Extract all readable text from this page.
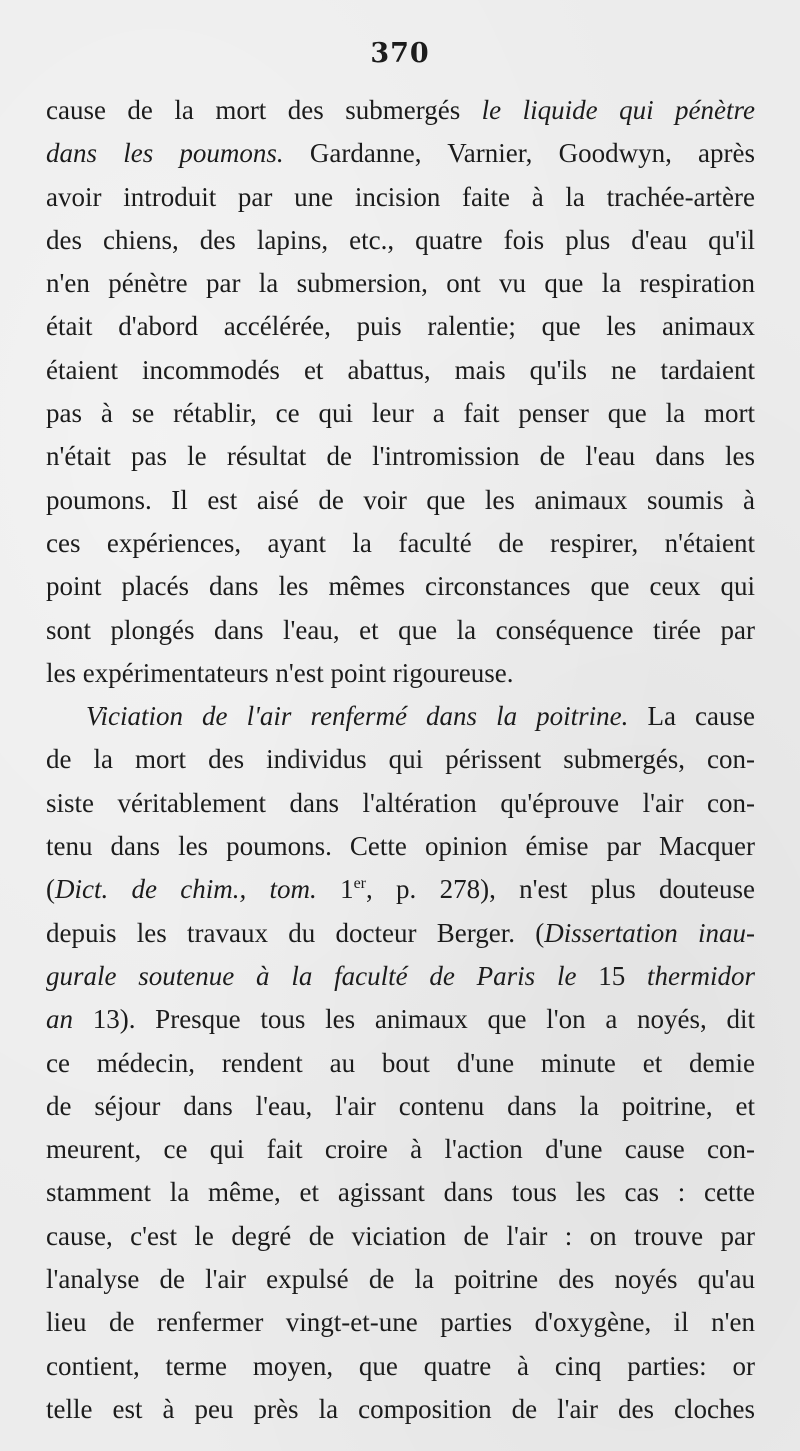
370
cause de la mort des submergés le liquide qui pénètre
dans les poumons. Gardanne, Varnier, Goodwyn, après
avoir introduit par une incision faite à la trachée-artère
des chiens, des lapins, etc., quatre fois plus d'eau qu'il
n'en pénètre par la submersion, ont vu que la respiration
était d'abord accélérée, puis ralentie; que les animaux
étaient incommodés et abattus, mais qu'ils ne tardaient
pas à se rétablir, ce qui leur a fait penser que la mort
n'était pas le résultat de l'intromission de l'eau dans les
poumons. Il est aisé de voir que les animaux soumis à
ces expériences, ayant la faculté de respirer, n'étaient
point placés dans les mêmes circonstances que ceux qui
sont plongés dans l'eau, et que la conséquence tirée par
les expérimentateurs n'est point rigoureuse.
Viciation de l'air renfermé dans la poitrine. La cause
de la mort des individus qui périssent submergés, con-
siste véritablement dans l'altération qu'éprouve l'air con-
tenu dans les poumons. Cette opinion émise par Macquer
(Dict. de chim., tom. 1er, p. 278), n'est plus douteuse
depuis les travaux du docteur Berger. (Dissertation inau-
gurale soutenue à la faculté de Paris le 15 thermidor
an 13). Presque tous les animaux que l'on a noyés, dit
ce médecin, rendent au bout d'une minute et demie
de séjour dans l'eau, l'air contenu dans la poitrine, et
meurent, ce qui fait croire à l'action d'une cause con-
stamment la même, et agissant dans tous les cas : cette
cause, c'est le degré de viciation de l'air : on trouve par
l'analyse de l'air expulsé de la poitrine des noyés qu'au
lieu de renfermer vingt-et-une parties d'oxygène, il n'en
contient, terme moyen, que quatre à cinq parties: or
telle est à peu près la composition de l'air des cloches
